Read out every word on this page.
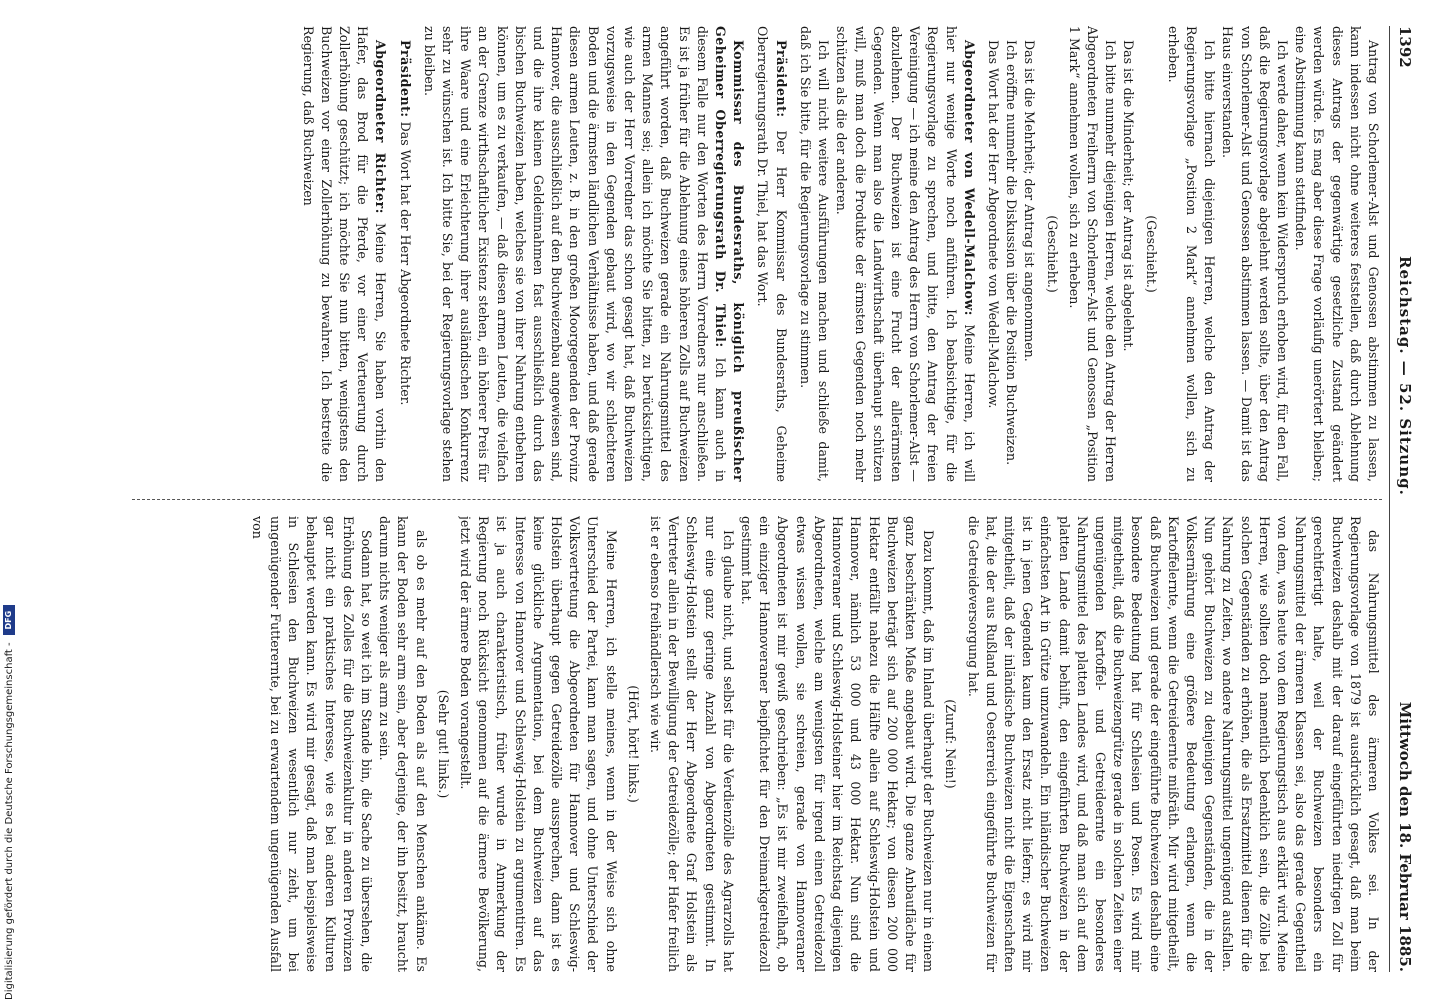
1392
Reichstag. — 52. Sitzung.
Mittwoch den 18. Februar 1885.

Antrag von Schorlemer-Alst und Genossen abstimmen zu lassen, kann indessen nicht ohne weiteres feststellen, daß durch Ablehnung dieses Antrags der gegenwärtige gesetzliche Zustand geändert werden würde. Es mag aber diese Frage vorläufig unerörtert bleiben; eine Abstimmung kann stattfinden.

Ich werde daher, wenn kein Widerspruch erhoben wird, für den Fall, daß die Regierungsvorlage abgelehnt werden sollte, über den Antrag von Schorlemer-Alst und Genossen abstimmen lassen. — Damit ist das Haus einverstanden.

Ich bitte hiernach diejenigen Herren, welche den Antrag der Regierungsvorlage „Position 2 Mark“ annehmen wollen, sich zu erheben.

(Geschieht.)

Das ist die Minderheit; der Antrag ist abgelehnt.

Ich bitte nunmehr diejenigen Herren, welche den Antrag der Herren Abgeordneten Freiherrn von Schorlemer-Alst und Genossen „Position 1 Mark“ annehmen wollen, sich zu erheben.

(Geschieht.)

Das ist die Mehrheit; der Antrag ist angenommen.

Ich eröffne nunmehr die Diskussion über die Position Buchweizen.

Das Wort hat der Herr Abgeordnete von Wedell-Malchow.

Abgeordneter von Wedell-Malchow: Meine Herren, ich will hier nur wenige Worte noch anführen. Ich beabsichtige, für die Regierungsvorlage zu sprechen, und bitte, den Antrag der freien Vereinigung — ich meine den Antrag des Herrn von Schorlemer-Alst — abzulehnen. Der Buchweizen ist eine Frucht der allerärmsten Gegenden. Wenn man also die Landwirthschaft überhaupt schützen will, muß man doch die Produkte der ärmsten Gegenden noch mehr schützen als die der anderen.

Ich will nicht weitere Ausführungen machen und schließe damit, daß ich Sie bitte, für die Regierungsvorlage zu stimmen.

Präsident: Der Herr Kommissar des Bundesraths, Geheime Oberregierungsrath Dr. Thiel, hat das Wort.

Kommissar des Bundesraths, königlich preußischer Geheimer Oberregierungsrath Dr. Thiel: Ich kann auch in diesem Falle nur den Worten des Herrn Vorredners nur anschließen. Es ist ja früher für die Ablehnung eines höheren Zolls auf Buchweizen angeführt worden, daß Buchweizen gerade ein Nahrungsmittel des armen Mannes sei; allein ich möchte Sie bitten, zu berücksichtigen, wie auch der Herr Vorredner das schon gesagt hat, daß Buchweizen vorzugsweise in den Gegenden gebaut wird, wo wir schlechteren Boden und die ärmsten ländlichen Verhältnisse haben, und daß gerade diesen armen Leuten, z. B. in den großen Moorgegenden der Provinz Hannover, die ausschließlich auf den Buchweizenbau angewiesen sind, und die ihre kleinen Geldeinnahmen fast ausschließlich durch das bischen Buchweizen haben, welches sie von ihrer Nahrung entbehren können, um es zu verkaufen, — daß diesen armen Leuten, die vielfach an der Grenze wirthschaftlicher Existenz stehen, ein höherer Preis für ihre Waare und eine Erleichterung ihrer ausländischen Konkurrenz sehr zu wünschen ist. Ich bitte Sie, bei der Regierungsvorlage stehen zu bleiben.

Präsident: Das Wort hat der Herr Abgeordnete Richter.

Abgeordneter Richter: Meine Herren, Sie haben vorhin den Hafer, das Brod für die Pferde, vor einer Verteuerung durch Zollerhöhung geschützt; ich möchte Sie nun bitten, wenigstens den Buchweizen vor einer Zollerhöhung zu bewahren. Ich bestreite die Regierung, daß Buchweizen

das Nahrungsmittel des ärmeren Volkes sei. In der Regierungsvorlage von 1879 ist ausdrücklich gesagt, daß man beim Buchweizen deshalb mit der darauf eingeführten niedrigen Zoll für gerechtfertigt halte, weil der Buchweizen besonders ein Nahrungsmittel der ärmeren Klassen sei, also das gerade Gegentheil von dem, was heute von dem Regierungstisch aus erklärt wird. Meine Herren, wie sollten doch namentlich bedenklich sein, die Zölle bei solchen Gegenständen zu erhöhen, die als Ersatzmittel dienen für die Nahrung zu Zeiten, wo andere Nahrungsmittel ungenügend ausfallen. Nun gehört Buchweizen zu denjenigen Gegenständen, die in der Volksernährung eine größere Bedeutung erlangen, wenn die Kartoffelernte, wenn die Getreideernte mißräth. Mir wird mitgetheilt, daß Buchweizen und gerade der eingeführte Buchweizen deshalb eine besondere Bedeutung hat für Schlesien und Posen. Es wird mir mitgetheilt, daß die Buchweizengrütze gerade in solchen Zeiten einer ungenügenden Kartoffel- und Getreideernte ein besonderes Nahrungsmittel des platten Landes wird, und daß man sich auf dem platten Lande damit behilft, den eingeführten Buchweizen in der einfachsten Art in Grütze umzuwandeln. Ein inländischer Buchweizen ist in jenen Gegenden kaum den Ersatz nicht liefern; es wird mir mitgetheilt, daß der inländische Buchweizen nicht die Eigenschaften hat, die der aus Rußland und Oesterreich eingeführte Buchweizen für die Getreideversorgung hat.

(Zuruf: Nein!)

Dazu kommt, daß im Inland überhaupt der Buchweizen nur in einem ganz beschränkten Maße angebaut wird. Die ganze Anbaufläche für Buchweizen beträgt sich auf 200 000 Hektar; von diesen 200 000 Hektar entfällt nahezu die Hälfte allein auf Schleswig-Holstein und Hannover, nämlich 53 000 und 43 000 Hektar. Nun sind die Hannoveraner und Schleswig-Holsteiner hier im Reichstag diejenigen Abgeordneten, welche am wenigsten für irgend einen Getreidezoll etwas wissen wollen, sie schreien, gerade von Hannoveraner Abgeordneten ist mir gewiß geschrieben: „Es ist mir zweifelhaft, ob ein einziger Hannoveraner beipflichtet für den Dreimarkgetreidezoll gestimmt hat.

Ich glaube nicht, und selbst für die Verdienzölle des Agrarzolls hat nur eine ganz geringe Anzahl von Abgeordneten gestimmt. In Schleswig-Holstein stellt der Herr Abgeordnete Graf Holstein als Vertreter allein in der Bewilligung der Getreidezölle; der Hafer freilich ist er ebenso freihändlerisch wie wir.

(Hört, hört! links.)

Meine Herren, ich stelle meines, wenn in der Weise sich ohne Unterschied der Partei, kann man sagen, und ohne Unterschied der Volksvertretung die Abgeordneten für Hannover und Schleswig-Holstein überhaupt gegen Getreidezölle aussprechen, dann ist es keine glückliche Argumentation, bei dem Buchweizen auf das Interesse von Hannover und Schleswig-Holstein zu argumentiren. Es ist ja auch charakteristisch, früher wurde in Anmerkung der Regierung noch Rücksicht genommen auf die ärmere Bevölkerung, jetzt wird der ärmere Boden vorangestellt.

(Sehr gut! links.)

als ob es mehr auf den Boden als auf den Menschen ankäme. Es kann der Boden sehr arm sein, aber derjenige, der ihn besitzt, braucht darum nichts weniger als arm zu sein.

Sodann hat, so weit ich im Stande bin, die Sache zu übersehen, die Erhöhung des Zolles für die Buchweizenkultur in anderen Provinzen gar nicht ein praktisches Interesse, wie es bei anderen Kulturen behauptet werden kann. Es wird mir gesagt, daß man beispielsweise in Schlesien den Buchweizen wesentlich nur zieht, um bei ungenügender Futterernte, bei zu erwartendem ungenügenden Ausfall von

Digitalisierung gefördert durch die Deutsche Forschungsgemeinschaft - DFG
